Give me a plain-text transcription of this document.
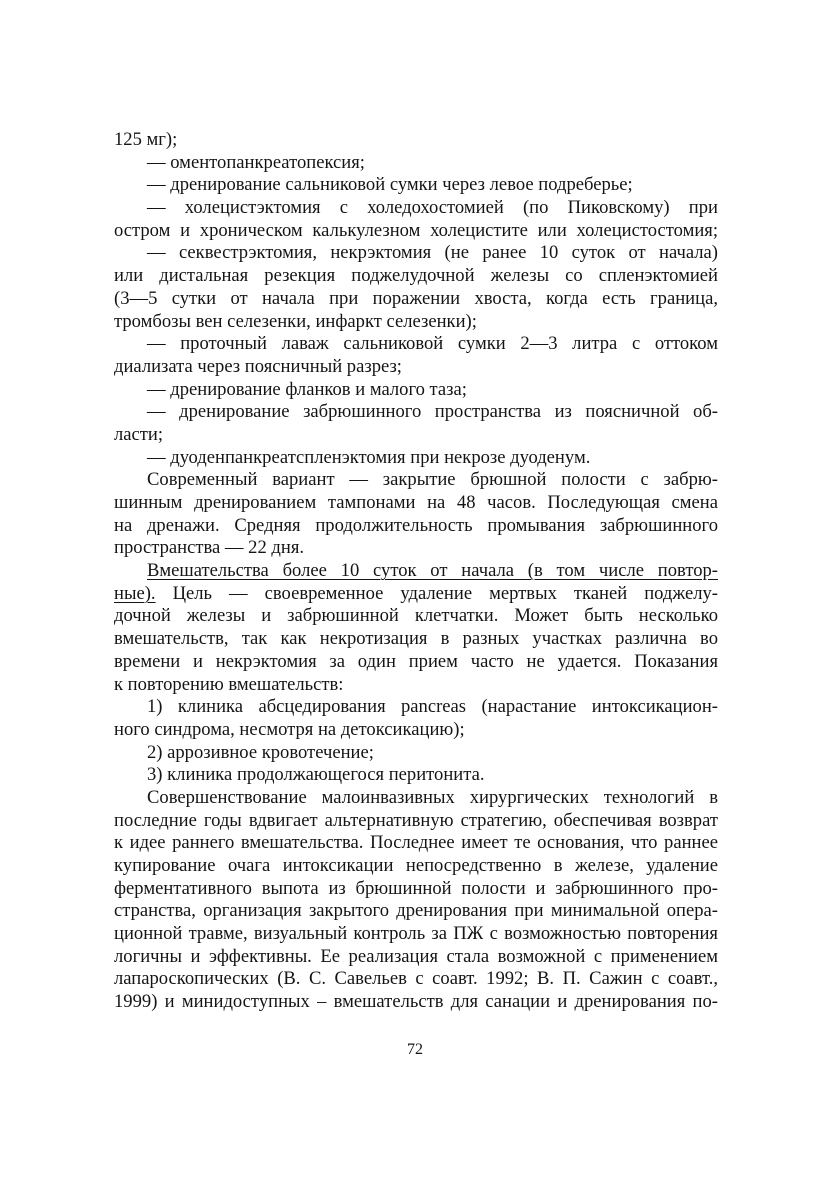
125 мг);
— оментопанкреатопексия;
— дренирование сальниковой сумки через левое подреберье;
— холецистэктомия с холедохостомией (по Пиковскому) при
остром и хроническом калькулезном холецистите или холецистостомия;
— секвестрэктомия, некрэктомия (не ранее 10 суток от начала)
или дистальная резекция поджелудочной железы со спленэктомией
(3—5 сутки от начала при поражении хвоста, когда есть граница,
тромбозы вен селезенки, инфаркт селезенки);
— проточный лаваж сальниковой сумки 2—3 литра с оттоком
диализата через поясничный разрез;
— дренирование фланков и малого таза;
— дренирование забрюшинного пространства из поясничной об-
ласти;
— дуоденпанкреатспленэктомия при некрозе дуоденум.
Современный вариант — закрытие брюшной полости с забрю-
шинным дренированием тампонами на 48 часов. Последующая смена
на дренажи. Средняя продолжительность промывания забрюшинного
пространства — 22 дня.
Вмешательства более 10 суток от начала (в том числе повтор-
ные). Цель — своевременное удаление мертвых тканей поджелу-
дочной железы и забрюшинной клетчатки. Может быть несколько
вмешательств, так как некротизация в разных участках различна во
времени и некрэктомия за один прием часто не удается. Показания
к повторению вмешательств:
1) клиника абсцедирования pancreas (нарастание интоксикацион-
ного синдрома, несмотря на детоксикацию);
2) аррозивное кровотечение;
3) клиника продолжающегося перитонита.
Совершенствование малоинвазивных хирургических технологий в
последние годы вдвигает альтернативную стратегию, обеспечивая возврат
к идее раннего вмешательства. Последнее имеет те основания, что раннее
купирование очага интоксикации непосредственно в железе, удаление
ферментативного выпота из брюшинной полости и забрюшинного про-
странства, организация закрытого дренирования при минимальной опера-
ционной травме, визуальный контроль за ПЖ с возможностью повторения
логичны и эффективны. Ее реализация стала возможной с применением
лапароскопических (В. С. Савельев с соавт. 1992; В. П. Сажин с соавт.,
1999) и минидоступных – вмешательств для санации и дренирования по-
72
